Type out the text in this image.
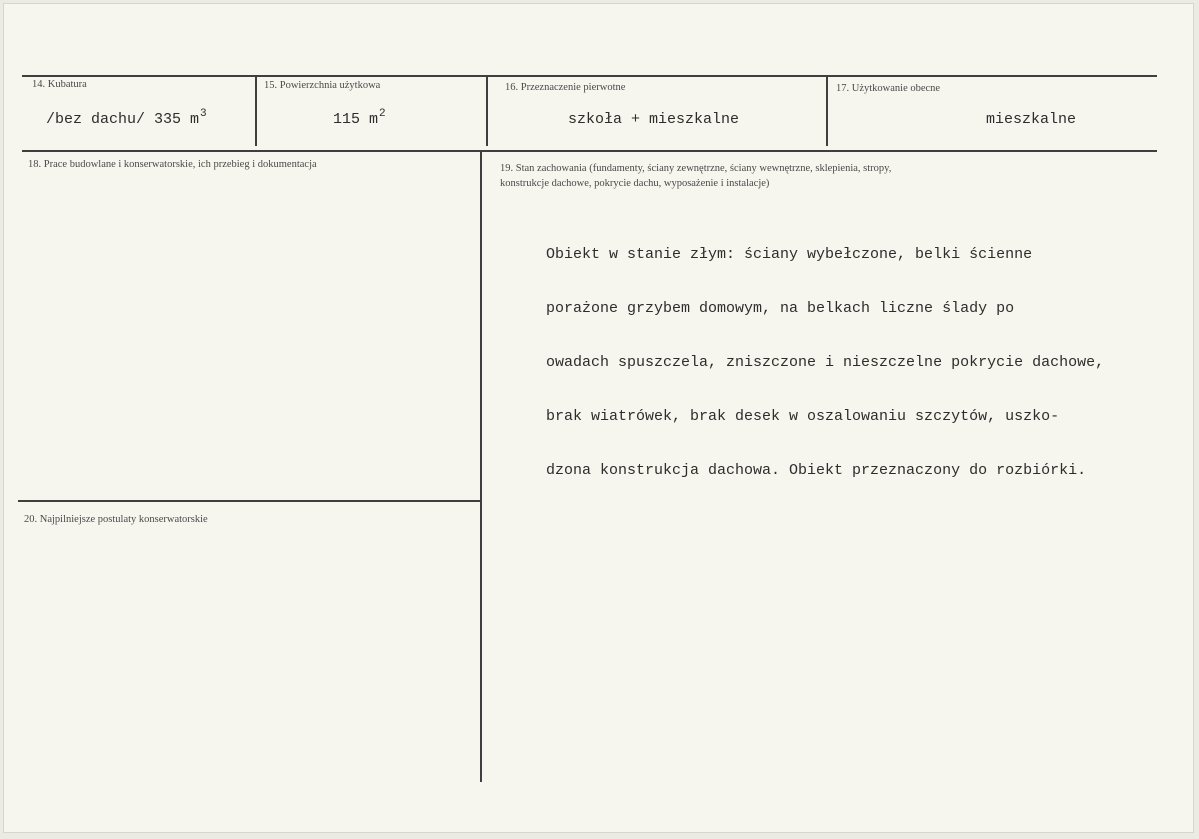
14. Kubatura
/bez dachu/ 335 $m^3$
15. Powierzchnia użytkowa
115 $m^2$
16. Przeznaczenie pierwotne
szkoła + mieszkalne
17. Użytkowanie obecne
mieszkalne
18. Prace budowlane i konserwatorskie, ich przebieg i dokumentacja	19. Stan zachowania (fundamenty, ściany zewnętrzne, ściany wewnętrzne, sklepienia, stropy,
konstrukcje dachowe, pokrycie dachu, wyposażenie i instalacje)

Obiekt w stanie złym: ściany wybełczone, belki ścienne

porażone grzybem domowym, na belkach liczne ślady po

owadach spuszczela, zniszczone i nieszczelne pokrycie dachowe,

brak wiatrówek, brak desek w oszalowaniu szczytów, uszko-

dzona konstrukcja dachowa. Obiekt przeznaczony do rozbiórki.

20. Najpilniejsze postulaty konserwatorskie
